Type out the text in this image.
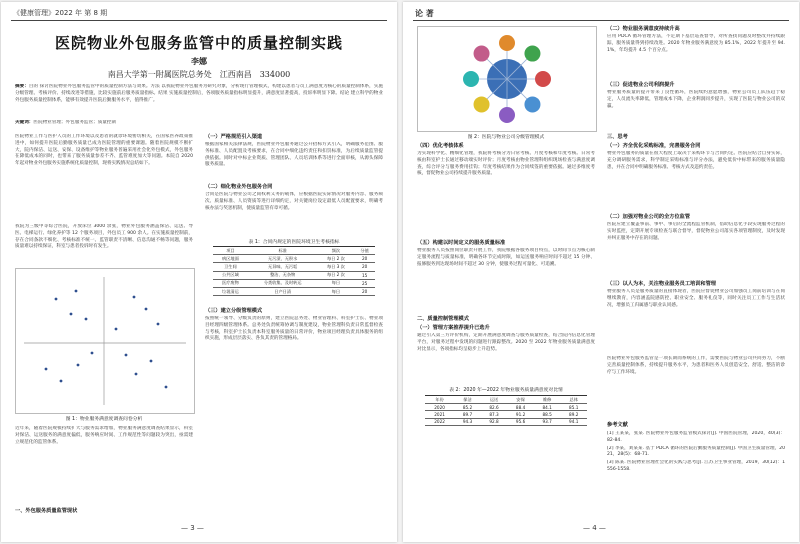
《健康管理》2022 年 第 8 期
医院物业外包服务监管中的质量控制实践
李娜
南昌大学第一附属医院总务处　江西南昌　334000
摘要：目的 探讨医院物业外包服务监管中的质量控制方法与效果。方法 以我院物业外包服务为研究对象，分析现行管理模式，构建以患者与员工满意度为核心的质量控制体系，实施分级管理、考核评价、持续改进等措施，比较实施前后服务质量指标。结果 实施质量控制后，各项服务质量指标明显提升，满意度显著提高，投诉率明显下降。结论 建立科学的物业外包服务质量控制体系，能够有效提升医院后勤服务水平，值得推广。
关键词：医院物业管理；外包服务监管；质量控制
医院物业工作与医护人员的工作环境以及患者的就诊环境密切相关，在国家医养政策推进中，如何提升医院后勤服务质量已成为医院管理的重要课题。随着医院规模不断扩大，院内保洁、运送、安保、设备维护等物业服务普遍采用社会化外包模式，外包服务在降低成本的同时，也带来了服务质量参差不齐、监管难度加大等问题。本院自 2020 年起对物业外包服务实施系统化质量控制，现将实践情况总结如下。
我院为三级甲等综合医院，开放床位 3000 余张，物业外包服务涵盖保洁、运送、导医、电梯运行、绿化养护等 12 个服务项目，外包员工 900 余人。在实施质量控制前，存在合同条款不细化、考核标准不统一、监管职责不清晰、信息沟通不畅等问题，服务质量难以持续保证，科室与患者投诉时有发生。
图 1：物业服务满意度调查问卷分析
近年来，随着医院规模持续扩大与服务需求增加，物业服务满意度调查结果显示，科室对保洁、运送服务的满意度偏低，服务响应时间、工作规范性等问题较为突出，亟需建立规范化的监管体系。
一、外包服务质量监管现状
（一）严格规范引入渠道
根据国家相关法律法规，医院物业外包服务通过公开招标方式引入，明确服务范围、服务标准、人员配置及考核要求，在合同中细化违约责任和扣罚标准，为后续质量监管提供依据。同时对中标企业资质、管理团队、人员培训体系等进行全面审核，从源头保障服务质量。
（二）细化物业外包服务合同
合同是医院与物业公司之间权利义务的载体，应根据医院实际情况对服务内容、服务频次、质量标准、人员资质等进行详细约定，对关键岗位设定最低人员配置要求，明确考核办法与奖惩机制，使质量监管有章可循。
表 1：合同内规定的医院环境卫生考核指标
项目	标准	频次	分值
病区地面	无污渍、无积水	每日 2 次	20
卫生间	无异味、无污垢	每日 3 次	20
公共区域	整洁、无杂物	每日 2 次	15
医疗废物	分类收集、及时转运	每日	25
垃圾清运	日产日清	每日	20
（三）建立分级管理模式
按照统一领导、分级负责的原则，建立医院总务处、物业管理科、科室护士长、物业项目经理四级管理体系。总务处负责统筹协调与制度建设，物业管理科负责日常监督检查与考核，科室护士长负责本科室服务质量的日常评价，物业项目经理负责具体服务的组织实施，形成层层落实、各负其责的管理格局。
— 3 —
论 著
图 2：医院与物业公司分级管理模式
（四）优化考核体系
为实现科学化、精细化管理，我院将考核分为日常考核、月度考核和年度考核。日常考核由科室护士长通过移动端实时评价；月度考核由物业管理科组织现场检查与满意度调查，综合评分与服务费用挂钩；年度考核结果作为合同续签的重要依据。通过多维度考核，督促物业公司持续提升服务质量。
（五）构建以时间定义的服务质量标准
物业服务人员按照岗位职责开展工作，我院根据各服务项目特点，以时间节点为核心制定服务流程与质量标准，明确各环节完成时限，如运送服务响应时间不超过 15 分钟、报修服务到达现场时间不超过 30 分钟，使服务过程可量化、可追溯。
二、质量控制管理模式
（一）管理方案推荐提升已选升
通过引入第三方评价机构，定期开展满意度调查与服务质量检查，结合院内信息化管理平台，对服务过程中发现的问题进行跟踪整改。2020 至 2022 年物业服务质量满意度对比显示，各项指标均呈稳步上升趋势。
表 2：2020 年—2022 年物业服务质量满意度对比情
年份	保洁	运送	安保	维修	总体
2020	85.2	82.6	88.4	84.1	85.1
2021	89.7	87.3	91.2	88.5	89.2
2022	94.3	92.8	95.6	93.7	94.1
（二）物业服务满意度持续升高
应用 PDCA 循环管理方法，不定期下基层巡查督导，对所查找问题及时整改并持续跟踪，服务质量得到持续改进。2020 年物业服务满意度为 85.1%，2022 年提升至 94.1%，年均提升 4.5 个百分点。
（三）促进物业公司利润提升
物业服务质量的提升带来了良性循环，医院续约意愿增强，物业公司员工队伍趋于稳定，人员流失率降低，管理成本下降，企业利润同步提升，实现了医院与物业公司的双赢。
三、思考
（一）齐全优化采购标准，完善服务合同
物业外包服务的质量在很大程度上取决于采购环节与合同约定。医院应结合自身实际，充分调研服务需求，科学制定采购标准与评分办法，避免低价中标带来的服务质量隐患，并在合同中明确服务标准、考核方式及违约责任。
（二）加强对物业公司的全方位监管
医院应建立覆盖事前、事中、事后的全流程监管机制，借助信息化手段实现服务过程的实时监控，定期开展专项检查与联合督导，督促物业公司落实各项管理制度，及时发现并纠正服务中存在的问题。
（三）以人为本，关注物业服务员工培训和管理
物业服务人员是服务质量的直接体现者，医院应督促物业公司加强员工岗前培训与在岗继续教育，内容涵盖院感防控、职业安全、服务礼仪等，同时关注员工工作与生活状况，增强员工归属感与职业认同感。
医院物业外包服务监管是一项长期而系统的工作，需要医院与物业公司共同努力，不断完善质量控制体系，持续提升服务水平，为患者和医务人员创造安全、舒适、整洁的诊疗与工作环境。
参考文献
[1] 王某某，张某. 医院物业外包服务监管模式探讨[J]. 中国医院管理，2020，40(3)：82-84.
[2] 李某，刘某某. 基于 PDCA 循环的医院后勤服务质量控制[J]. 中国卫生质量管理，2021，28(5)：68-71.
[3] 陈某. 医院物业管理社会化的实践与思考[J]. 江苏卫生事业管理，2019，30(12)：1556-1558.
— 4 —
